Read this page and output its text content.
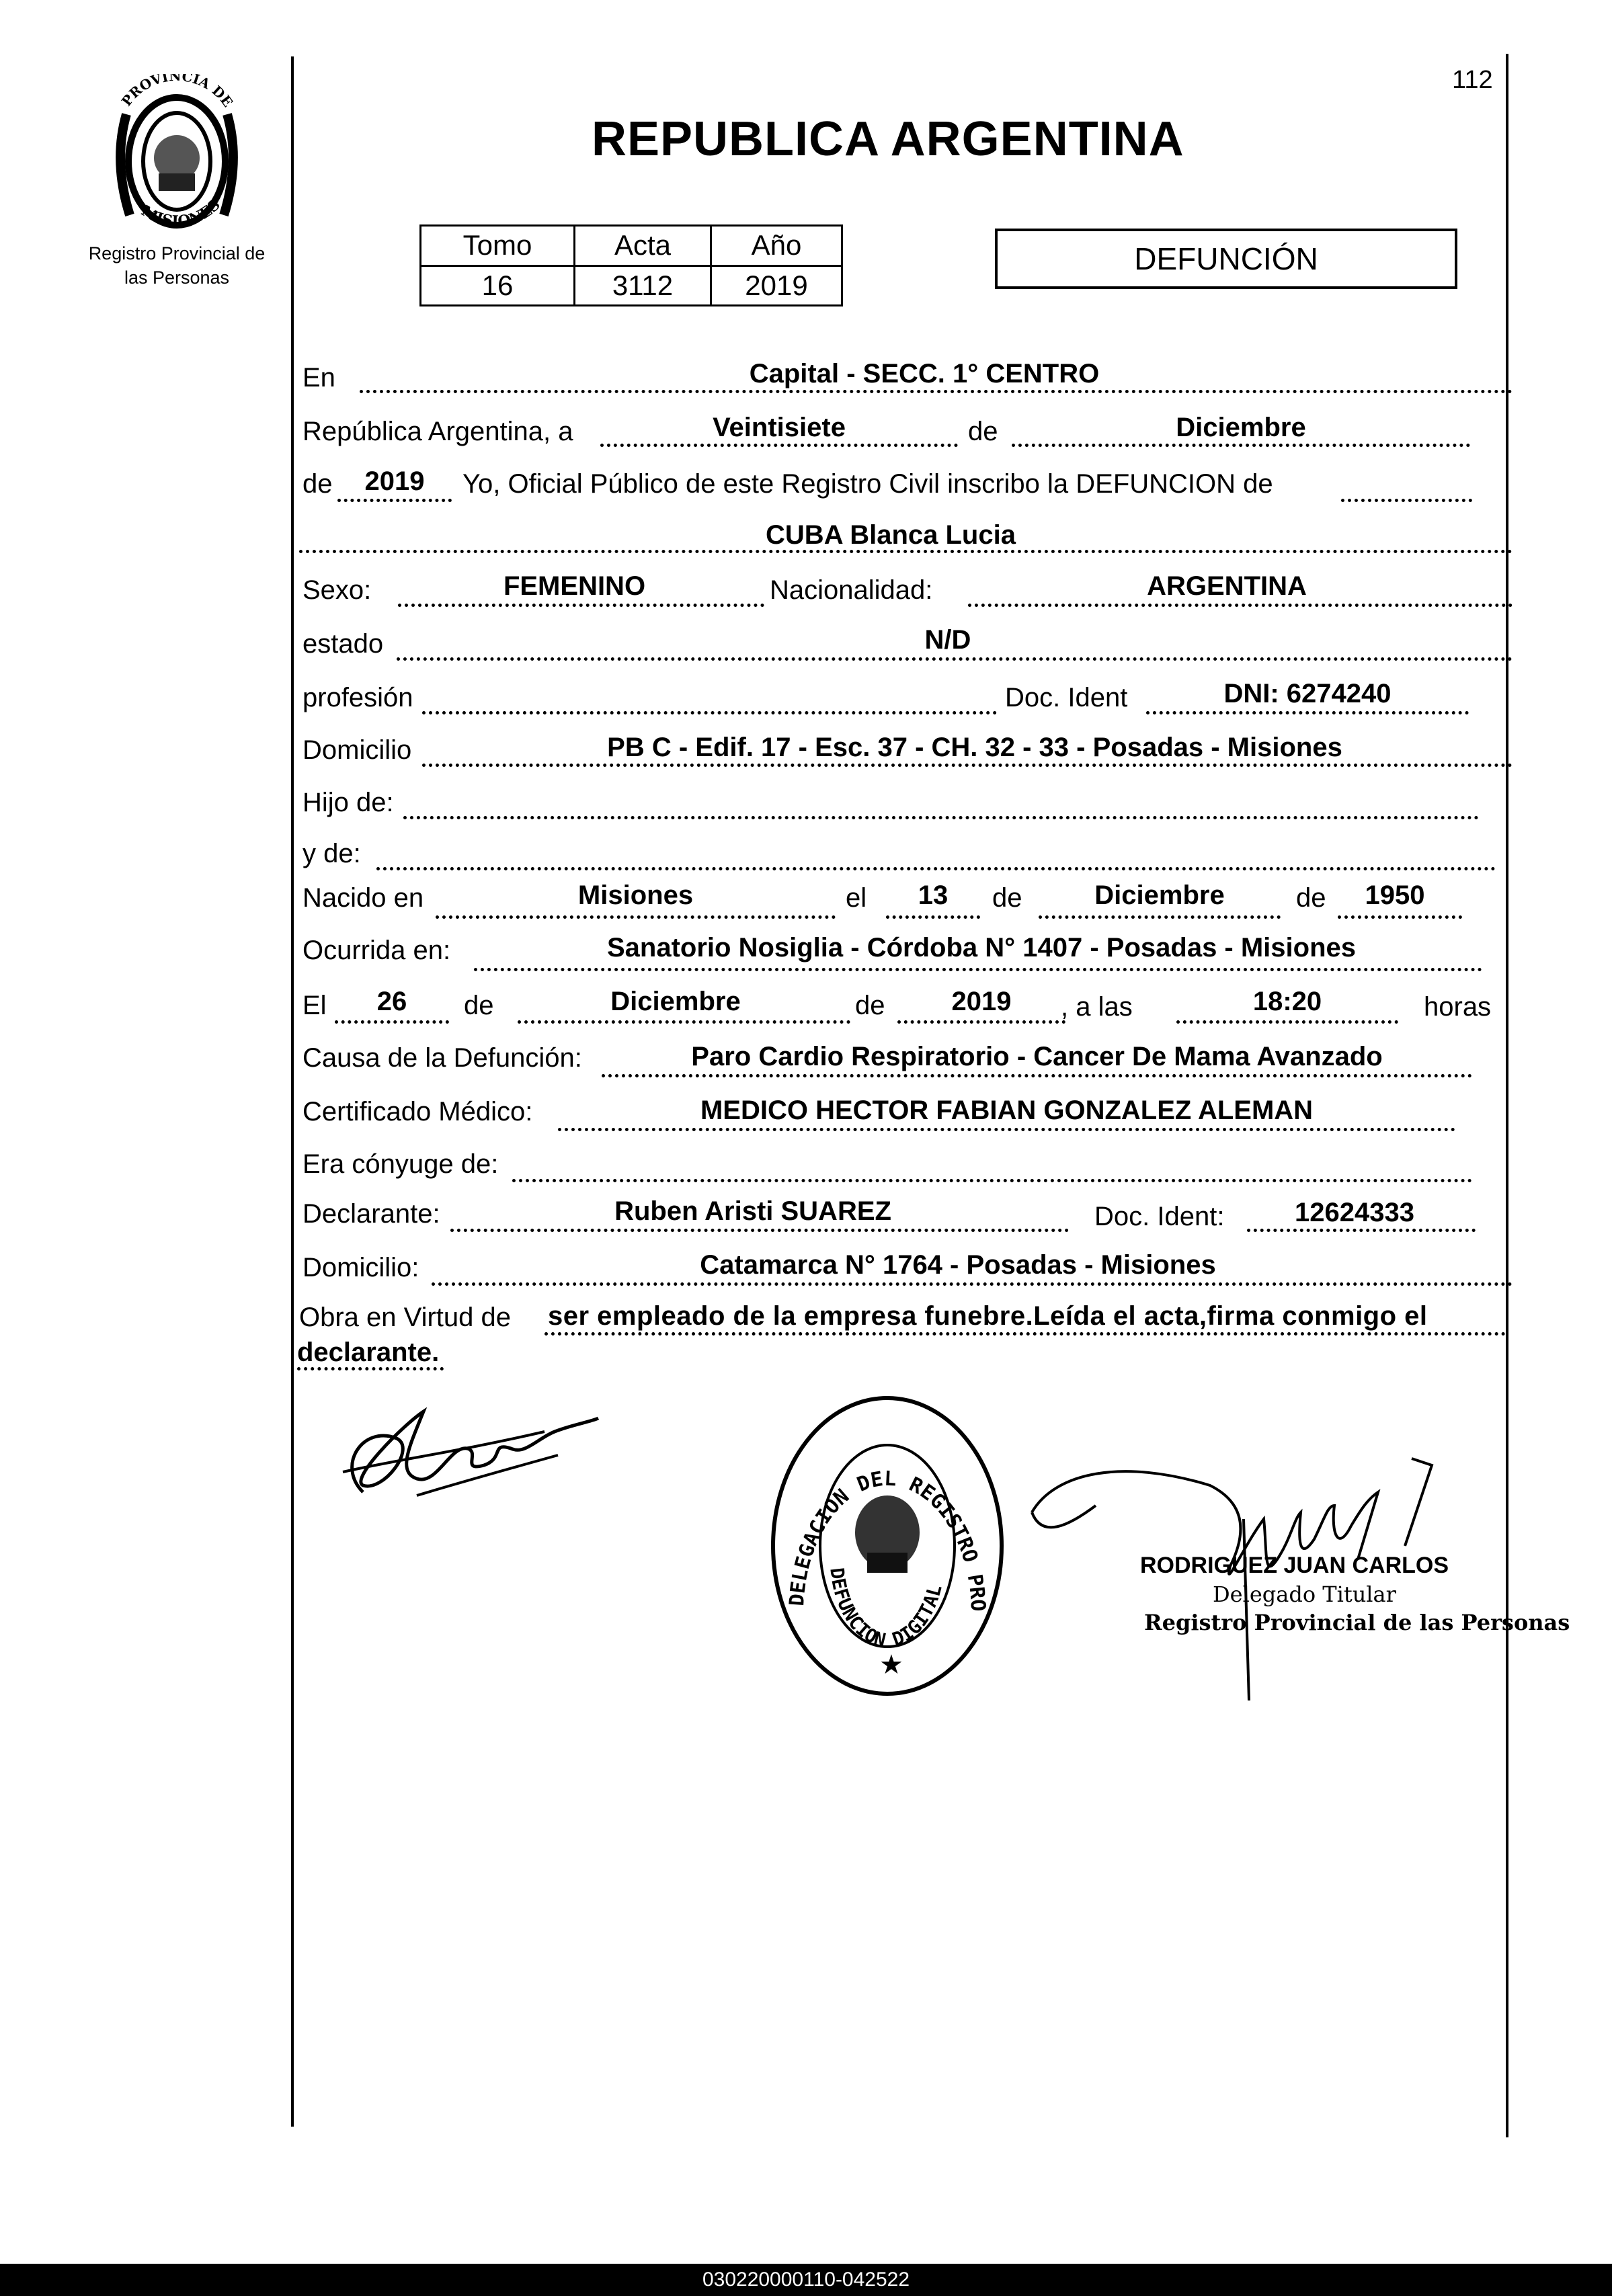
112
PROVINCIA DE
MISIONES
Registro Provincial de
las Personas
REPUBLICA ARGENTINA
Tomo	Acta	Año
16	3112	2019
DEFUNCIÓN
En	Capital - SECC. 1° CENTRO
República Argentina, a	Veintisiete	de	Diciembre
de	2019	Yo, Oficial Público de este Registro Civil inscribo la DEFUNCION de
CUBA Blanca Lucia
Sexo:	FEMENINO	Nacionalidad:	ARGENTINA
estado	N/D
profesión	Doc. Ident	DNI: 6274240
Domicilio	PB C - Edif. 17 - Esc. 37 - CH. 32 - 33 - Posadas - Misiones
Hijo de:
y de:
Nacido en	Misiones	el	13	de	Diciembre	de	1950
Ocurrida en:	Sanatorio Nosiglia - Córdoba N° 1407 - Posadas - Misiones
El	26	de	Diciembre	de	2019	, a las	18:20	horas
Causa de la Defunción:	Paro Cardio Respiratorio - Cancer De Mama Avanzado
Certificado Médico:	MEDICO HECTOR FABIAN GONZALEZ ALEMAN
Era cónyuge de:
Declarante:	Ruben Aristi SUAREZ	Doc. Ident:	12624333
Domicilio:	Catamarca N° 1764 - Posadas - Misiones
Obra en Virtud de ser empleado de la empresa funebre.Leída el acta,firma conmigo el
declarante.
DELEGACION DEL REGISTRO PRO
DEFUNCION DIGITAL
★
RODRIGUEZ JUAN CARLOS
Delegado Titular
Registro Provincial de las Personas
030220000110-042522
